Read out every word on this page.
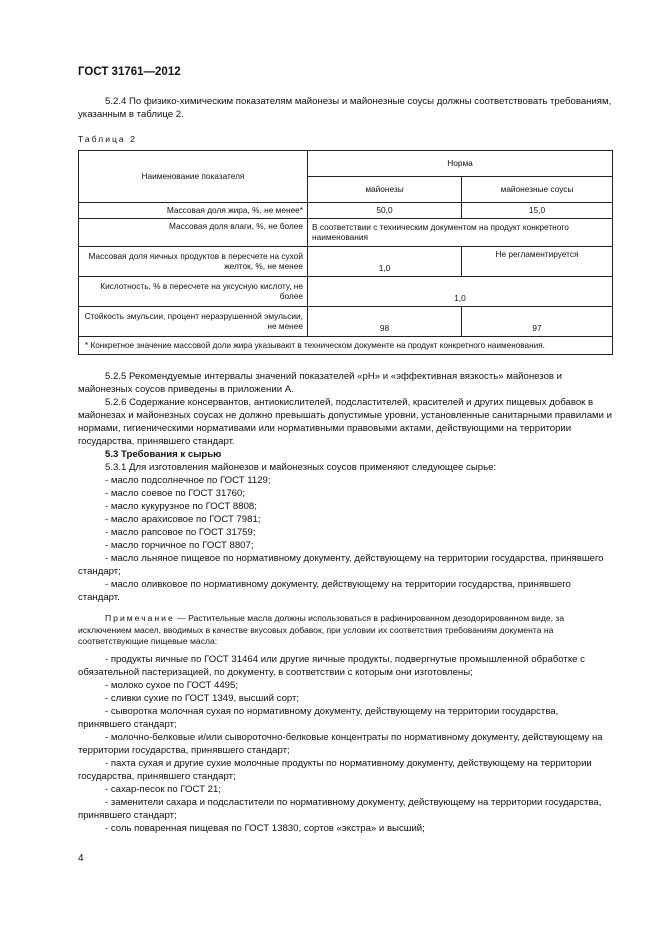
ГОСТ 31761—2012
5.2.4 По физико-химическим показателям майонезы и майонезные соусы должны соответствовать требованиям, указанным в таблице 2.
Таблица 2
Наименование показателя	Норма	
	майонезы	майонезные соусы
Массовая доля жира, %, не менее*	50,0	15,0
Массовая доля влаги, %, не более	В соответствии с техническим документом на продукт конкретного наименования	
Массовая доля яичных продуктов в пересчете на сухой желток, %, не менее	1,0	Не регламентируется
Кислотность, % в пересчете на уксусную кислоту, не более	1,0	
Стойкость эмульсии, процент неразрушенной эмульсии, не менее	98	97
* Конкретное значение массовой доли жира указывают в техническом документе на продукт конкретного наименования.		
5.2.5 Рекомендуемые интервалы значений показателей «pH» и «эффективная вязкость» майонезов и майонезных соусов приведены в приложении А.
5.2.6 Содержание консервантов, антиокислителей, подсластителей, красителей и других пищевых добавок в майонезах и майонезных соусах не должно превышать допустимые уровни, установленные санитарными правилами и нормами, гигиеническими нормативами или нормативными правовыми актами, действующими на территории государства, принявшего стандарт.
5.3 Требования к сырью
5.3.1 Для изготовления майонезов и майонезных соусов применяют следующее сырье:
- масло подсолнечное по ГОСТ 1129;
- масло соевое по ГОСТ 31760;
- масло кукурузное по ГОСТ 8808;
- масло арахисовое по ГОСТ 7981;
- масло рапсовое по ГОСТ 31759;
- масло горчичное по ГОСТ 8807;
- масло льняное пищевое по нормативному документу, действующему на территории государства, принявшего стандарт;
- масло оливковое по нормативному документу, действующему на территории государства, принявшего стандарт.
Примечание — Растительные масла должны использоваться в рафинированном дезодорированном виде, за исключением масел, вводимых в качестве вкусовых добавок, при условии их соответствия требованиям документа на соответствующие пищевые масла:
- продукты яичные по ГОСТ 31464 или другие яичные продукты, подвергнутые промышленной обработке с обязательной пастеризацией, по документу, в соответствии с которым они изготовлены;
- молоко сухое по ГОСТ 4495;
- сливки сухие по ГОСТ 1349, высший сорт;
- сыворотка молочная сухая по нормативному документу, действующему на территории государства, принявшего стандарт;
- молочно-белковые и/или сывороточно-белковые концентраты по нормативному документу, действующему на территории государства, принявшего стандарт;
- пахта сухая и другие сухие молочные продукты по нормативному документу, действующему на территории государства, принявшего стандарт;
- сахар-песок по ГОСТ 21;
- заменители сахара и подсластители по нормативному документу, действующему на территории государства, принявшего стандарт;
- соль поваренная пищевая по ГОСТ 13830, сортов «экстра» и высший;
4
